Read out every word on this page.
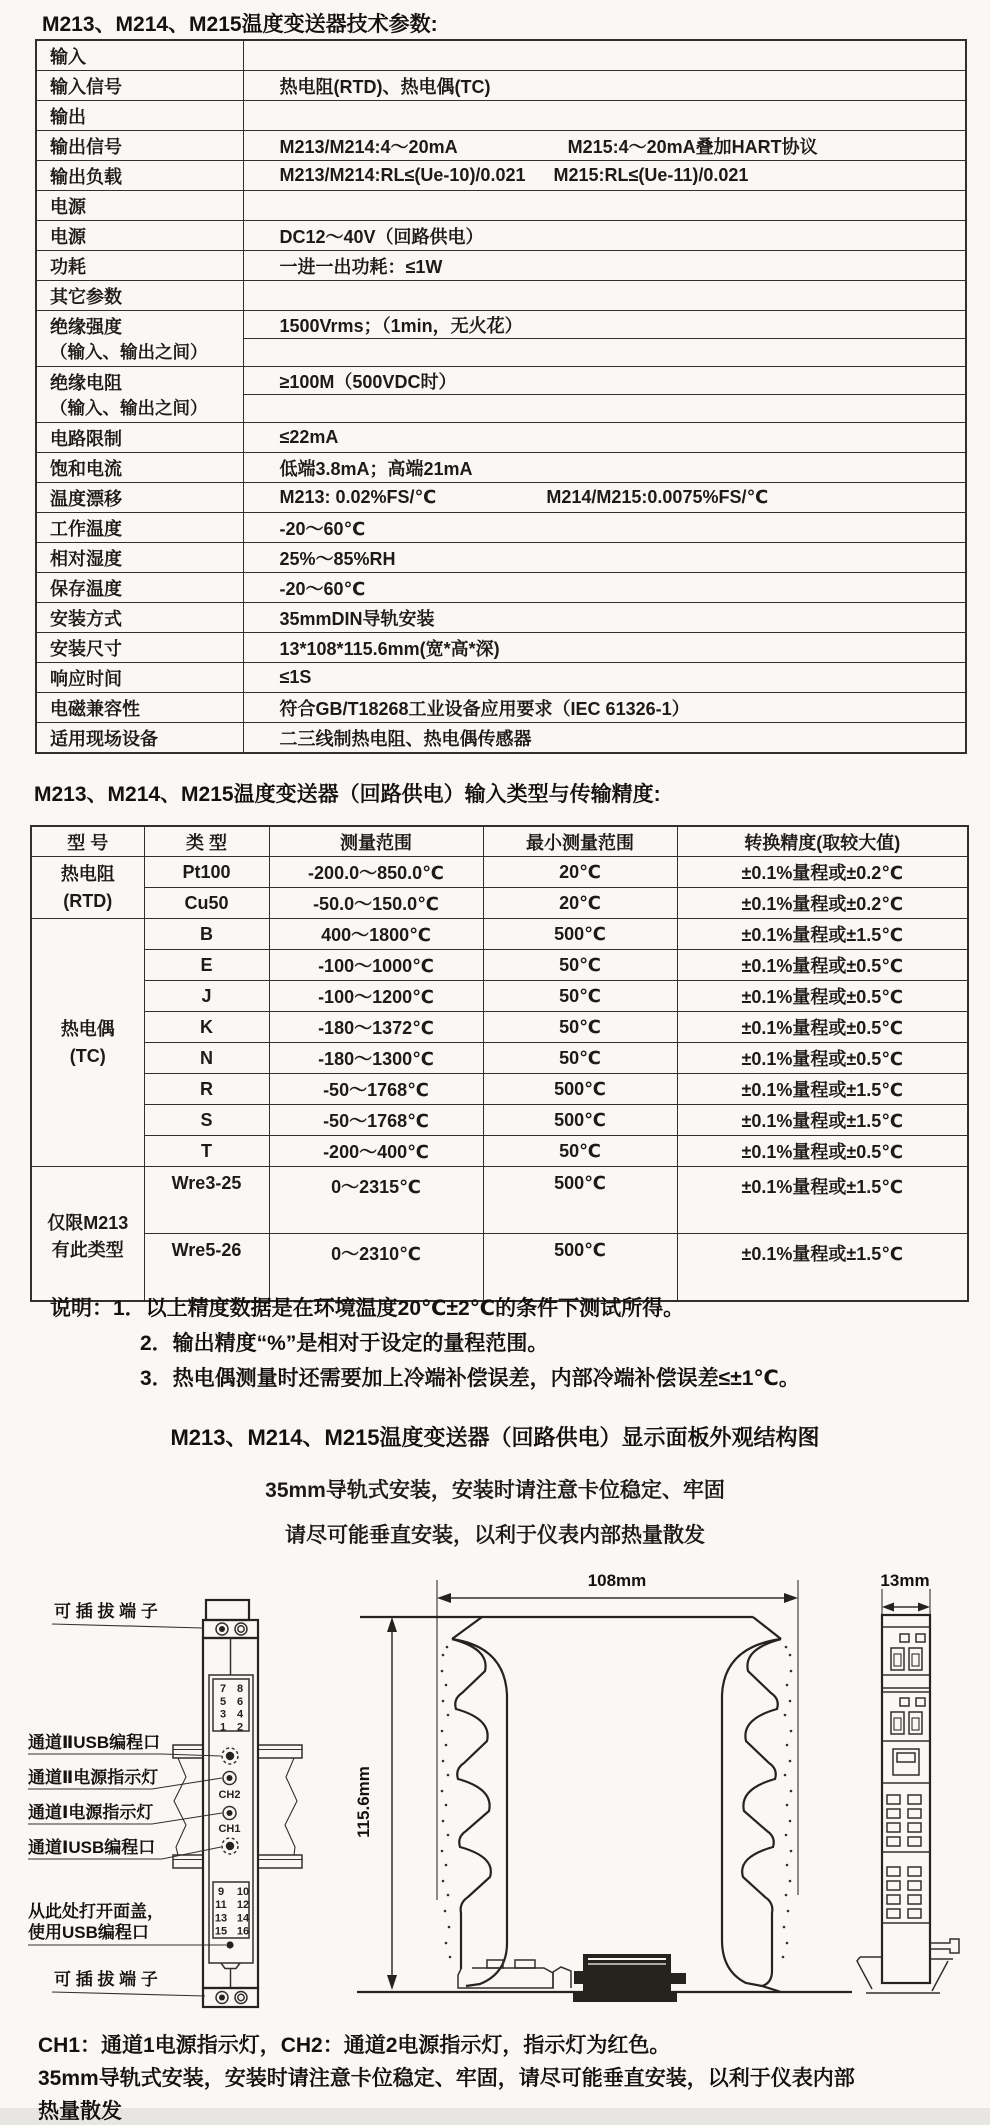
M213、M214、M215温度变送器技术参数:
输入	
输入信号	热电阻(RTD)、热电偶(TC)
输出	
输出信号	M213/M214:4～20mA M215:4～20mA叠加HART协议
输出负载	M213/M214:RL≤(Ue-10)/0.021 M215:RL≤(Ue-11)/0.021
电源	
电源	DC12～40V（回路供电）
功耗	一进一出功耗：≤1W
其它参数	

绝缘强度
（输入、输出之间）	1500Vrms；（1min，无火花）

绝缘电阻
（输入、输出之间）	≥100M（500VDC时）

电路限制	≤22mA
饱和电流	低端3.8mA；高端21mA
温度漂移	M213: 0.02%FS/℃ M214/M215:0.0075%FS/℃
工作温度	-20～60℃
相对湿度	25%～85%RH
保存温度	-20～60℃
安装方式	35mmDIN导轨安装
安装尺寸	13*108*115.6mm(宽*高*深)
响应时间	≤1S
电磁兼容性	符合GB/T18268工业设备应用要求（IEC 61326-1）
适用现场设备	二三线制热电阻、热电偶传感器
M213、M214、M215温度变送器（回路供电）输入类型与传输精度:
型 号	类 型	测量范围	最小测量范围	转换精度(取较大值)

热电阻
(RTD)	Pt100	-200.0～850.0℃	20℃	±0.1%量程或±0.2℃
	Cu50	-50.0～150.0℃	20℃	±0.1%量程或±0.2℃

热电偶
(TC)	B	400～1800℃	500℃	±0.1%量程或±1.5℃
	E	-100～1000℃	50℃	±0.1%量程或±0.5℃
	J	-100～1200℃	50℃	±0.1%量程或±0.5℃
	K	-180～1372℃	50℃	±0.1%量程或±0.5℃
	N	-180～1300℃	50℃	±0.1%量程或±0.5℃
	R	-50～1768℃	500℃	±0.1%量程或±1.5℃
	S	-50～1768℃	500℃	±0.1%量程或±1.5℃
	T	-200～400℃	50℃	±0.1%量程或±0.5℃

仅限M213
有此类型	Wre3-25	0～2315℃	500℃	±0.1%量程或±1.5℃
	Wre5-26	0～2310℃	500℃	±0.1%量程或±1.5℃
说明：1．以上精度数据是在环境温度20℃±2℃的条件下测试所得。
2．输出精度“%”是相对于设定的量程范围。
3．热电偶测量时还需要加上冷端补偿误差，内部冷端补偿误差≤±1℃。
M213、M214、M215温度变送器（回路供电）显示面板外观结构图
35mm导轨式安装，安装时请注意卡位稳定、牢固
请尽可能垂直安装，以利于仪表内部热量散发
7 8
5 6
3 4
1 2
CH2
CH1
9 10
11 12
13 14
15 16
可 插 拔 端 子
通道ⅡUSB编程口
通道Ⅱ电源指示灯
通道Ⅰ电源指示灯
通道ⅠUSB编程口
从此处打开面盖，
使用USB编程口
可 插 拔 端 子
108mm
115.6mm
13mm
CH1：通道1电源指示灯，CH2：通道2电源指示灯，指示灯为红色。
35mm导轨式安装，安装时请注意卡位稳定、牢固，请尽可能垂直安装，以利于仪表内部
热量散发
